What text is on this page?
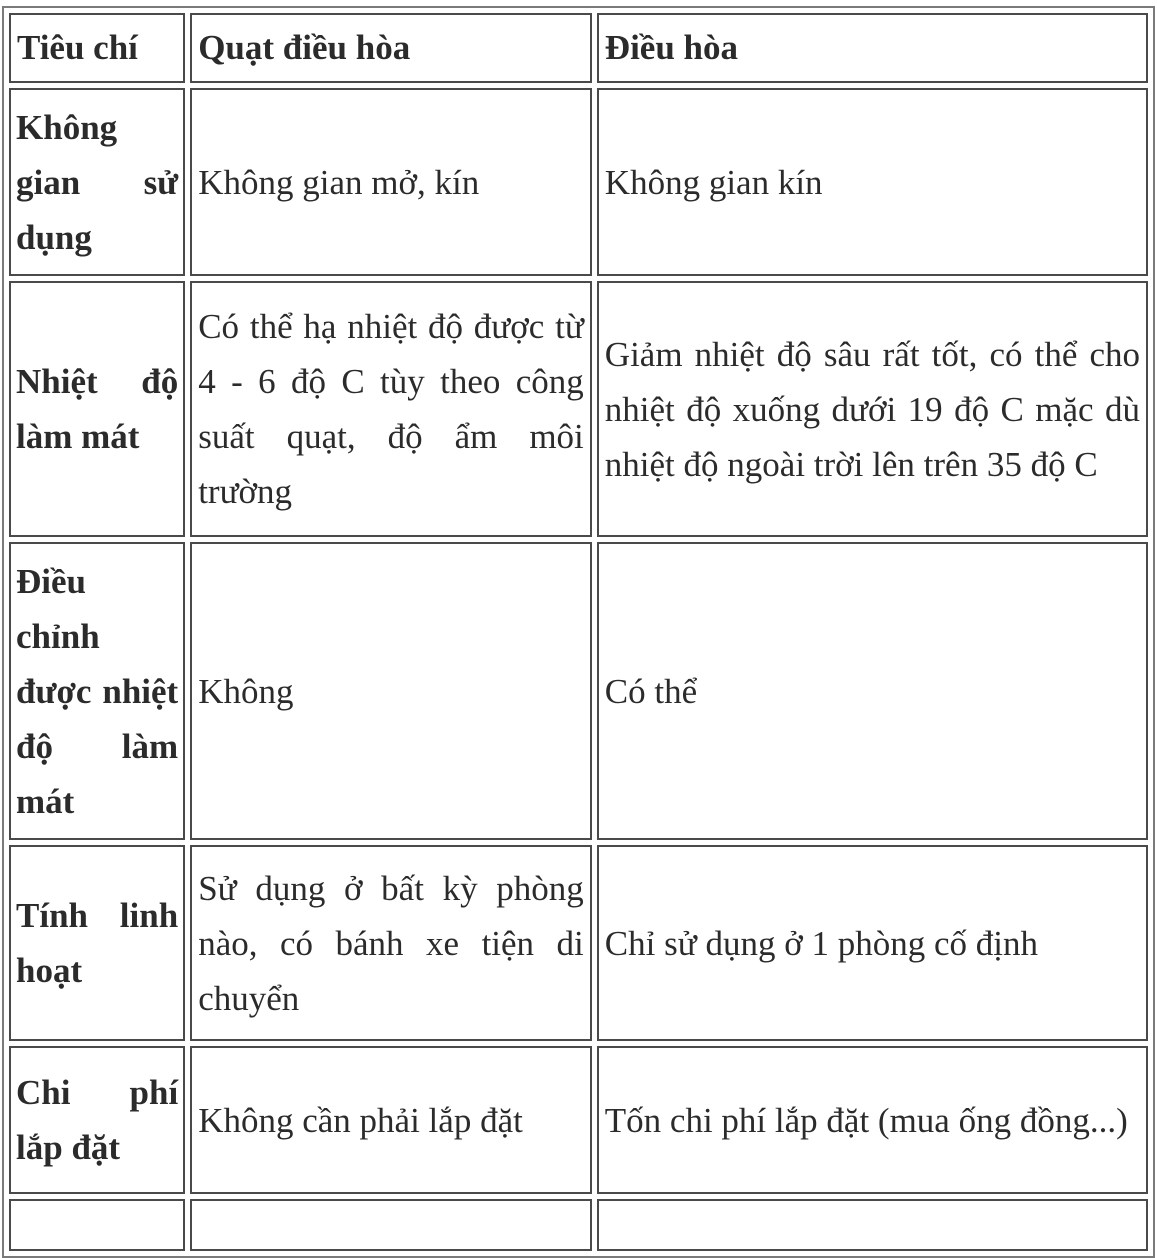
Tiêu chí	Quạt điều hòa	Điều hòa
Không gian sử dụng	Không gian mở, kín	Không gian kín
Nhiệt độ làm mát	Có thể hạ nhiệt độ được từ 4 - 6 độ C tùy theo công suất quạt, độ ẩm môi trường	Giảm nhiệt độ sâu rất tốt, có thể cho nhiệt độ xuống dưới 19 độ C mặc dù nhiệt độ ngoài trời lên trên 35 độ C
Điều chỉnh được nhiệt độ làm mát	Không	Có thể
Tính linh hoạt	Sử dụng ở bất kỳ phòng nào, có bánh xe tiện di chuyển	Chỉ sử dụng ở 1 phòng cố định
Chi phí lắp đặt	Không cần phải lắp đặt	Tốn chi phí lắp đặt (mua ống đồng...)
